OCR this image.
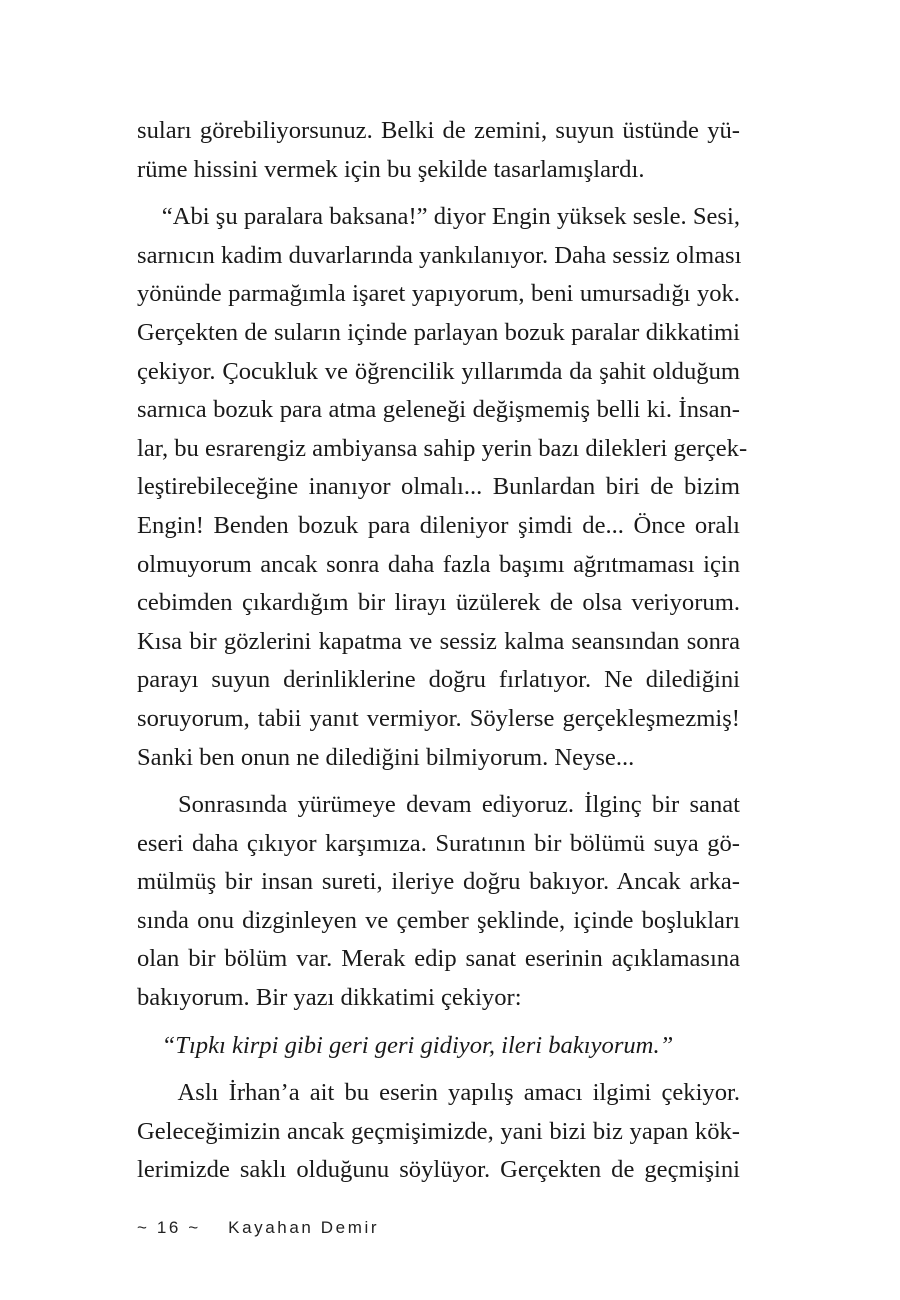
suları görebiliyorsunuz. Belki de zemini, suyun üstünde yü-
rüme hissini vermek için bu şekilde tasarlamışlardı.

“Abi şu paralara baksana!” diyor Engin yüksek sesle. Sesi,
sarnıcın kadim duvarlarında yankılanıyor. Daha sessiz olması
yönünde parmağımla işaret yapıyorum, beni umursadığı yok.
Gerçekten de suların içinde parlayan bozuk paralar dikkatimi
çekiyor. Çocukluk ve öğrencilik yıllarımda da şahit olduğum
sarnıca bozuk para atma geleneği değişmemiş belli ki. İnsan-
lar, bu esrarengiz ambiyansa sahip yerin bazı dilekleri gerçek-
leştirebileceğine inanıyor olmalı... Bunlardan biri de bizim
Engin! Benden bozuk para dileniyor şimdi de... Önce oralı
olmuyorum ancak sonra daha fazla başımı ağrıtmaması için
cebimden çıkardığım bir lirayı üzülerek de olsa veriyorum.
Kısa bir gözlerini kapatma ve sessiz kalma seansından sonra
parayı suyun derinliklerine doğru fırlatıyor. Ne dilediğini
soruyorum, tabii yanıt vermiyor. Söylerse gerçekleşmezmiş!
Sanki ben onun ne dilediğini bilmiyorum. Neyse...

Sonrasında yürümeye devam ediyoruz. İlginç bir sanat
eseri daha çıkıyor karşımıza. Suratının bir bölümü suya gö-
mülmüş bir insan sureti, ileriye doğru bakıyor. Ancak arka-
sında onu dizginleyen ve çember şeklinde, içinde boşlukları
olan bir bölüm var. Merak edip sanat eserinin açıklamasına
bakıyorum. Bir yazı dikkatimi çekiyor:

“Tıpkı kirpi gibi geri geri gidiyor, ileri bakıyorum.”

Aslı İrhan’a ait bu eserin yapılış amacı ilgimi çekiyor.
Geleceğimizin ancak geçmişimizde, yani bizi biz yapan kök-
lerimizde saklı olduğunu söylüyor. Gerçekten de geçmişini

~ 16 ~ Kayahan Demir
